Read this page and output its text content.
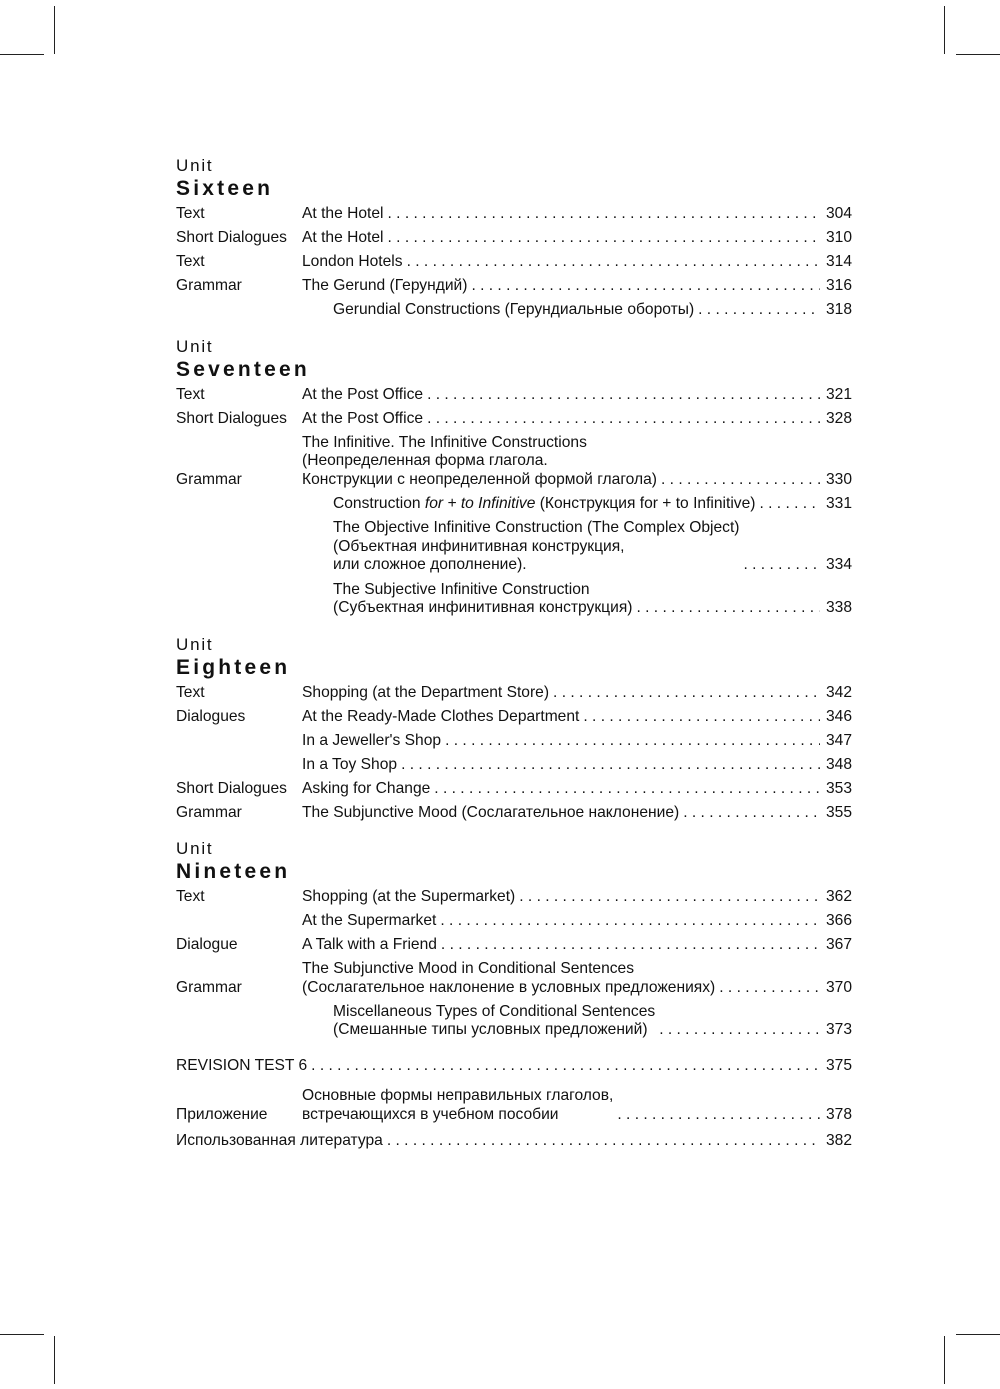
Unit
Sixteen
Text	At the Hotel . . .	304
Short Dialogues At the Hotel . . .	310
Text	London Hotels . . .	314
Grammar	The Gerund (Герундий) . . .	316
Gerundial Constructions (Герундиальные обороты) . . .	318
Unit
Seventeen
Text	At the Post Office . . .	321
Short Dialogues At the Post Office . . .	328
Grammar
The Infinitive. The Infinitive Constructions
(Неопределенная форма глагола.
Конструкции с неопределенной формой глагола) . . .	330
Construction for + to Infinitive (Конструкция for + to Infinitive) . . .	331
The Objective Infinitive Construction (The Complex Object)
(Объектная инфинитивная конструкция,
или сложное дополнение). . . .	334
The Subjective Infinitive Construction
(Субъектная инфинитивная конструкция) . . .	338
Unit
Eighteen
Text	Shopping (at the Department Store) . . .	342
Dialogues	At the Ready-Made Clothes Department . . .	346
In a Jeweller's Shop . . .	347
In a Toy Shop . . .	348
Short Dialogues Asking for Change . . .	353
Grammar	The Subjunctive Mood (Сослагательное наклонение) . . .	355
Unit
Nineteen
Text	Shopping (at the Supermarket) . . .	362
At the Supermarket . . .	366
Dialogue	A Talk with a Friend . . .	367
Grammar
The Subjunctive Mood in Conditional Sentences
(Сослагательное наклонение в условных предложениях) . . .	370
Miscellaneous Types of Conditional Sentences
(Смешанные типы условных предложений) . . .	373
REVISION TEST 6 . . .	375
Приложение
Основные формы неправильных глаголов,
встречающихся в учебном пособии . . .	378
Использованная литература . . .	382
